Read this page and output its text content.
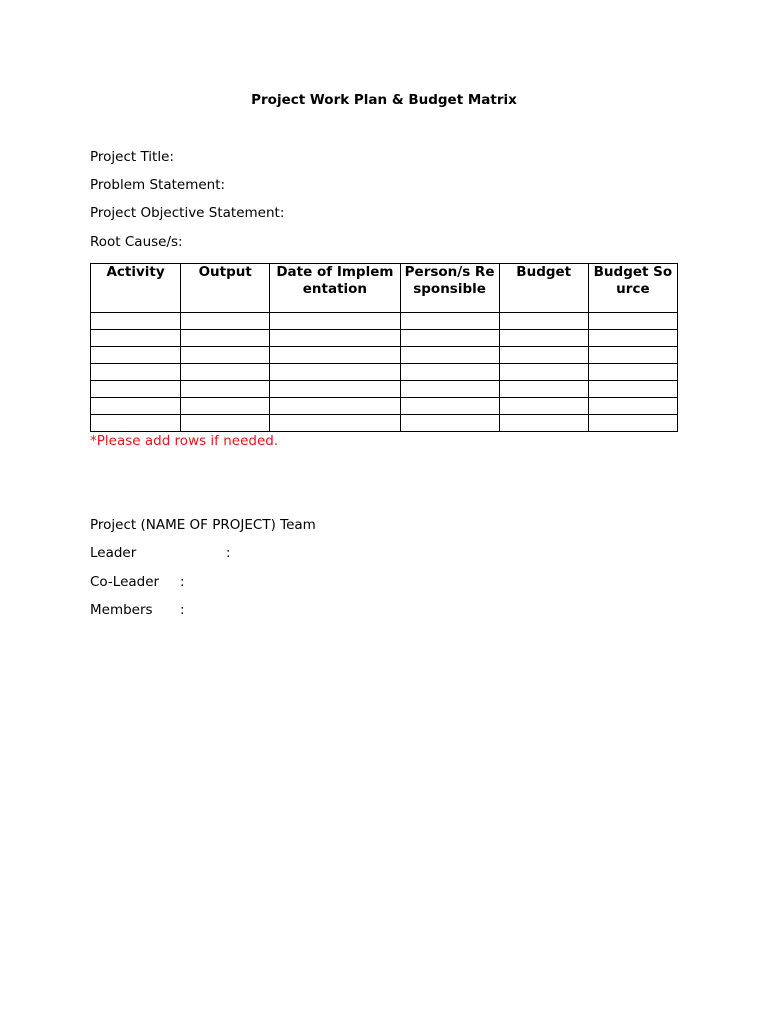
Project Work Plan & Budget Matrix
Project Title:
Problem Statement:
Project Objective Statement:
Root Cause/s:
Activity	Output	Date of Implementation	Person/s Responsible	Budget	Budget Source

*Please add rows if needed.
Project (NAME OF PROJECT) Team
Leader	:
Co-Leader :
Members :
